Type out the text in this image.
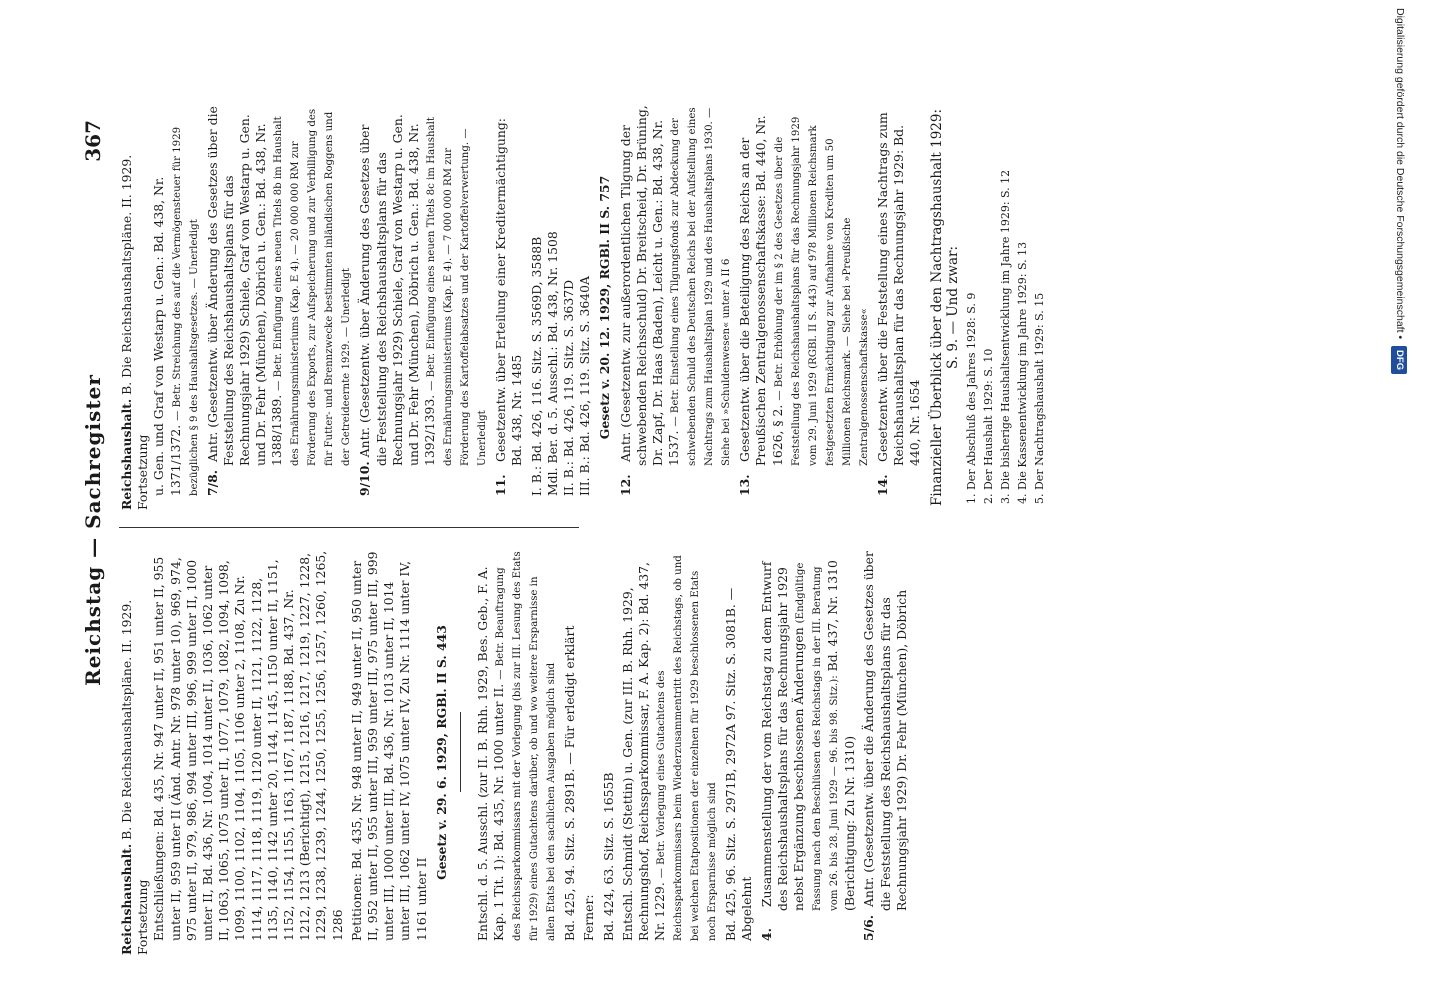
Reichstag — Sachregister
367
Reichshaushalt. B. Die Reichshaushaltspläne. II. 1929.
Fortsetzung Entschließungen: Bd. 435, Nr. 947 unter II, 951 unter II, 955 unter II, 959 unter II (Änd. Antr. Nr. 978 unter 10), 969, 974, 975 unter II, 979, 986, 994 unter III, 996, 999 unter II, 1000 unter II, Bd. 436, Nr. 1004, 1014 unter II, 1036, 1062 unter II, 1063, 1065, 1075 unter II, 1077, 1079, 1082, 1094, 1098, 1099, 1100, 1102, 1104, 1105, 1106 unter 2, 1108, Zu Nr. 1114, 1117, 1118, 1119, 1120 unter II, 1121, 1122, 1128, 1135, 1140, 1142 unter 20, 1144, 1145, 1150 unter II, 1151, 1152, 1154, 1155, 1163, 1167, 1187, 1188, Bd. 437, Nr. 1212, 1213 (Berichtigt), 1215, 1216, 1217, 1219, 1227, 1228, 1229, 1238, 1239, 1244, 1250, 1255, 1256, 1257, 1260, 1265, 1286 Petitionen: Bd. 435, Nr. 948 unter II, 949 unter II, 950 unter II, 952 unter II, 955 unter III, 959 unter III, 975 unter III, 999 unter III, 1000 unter III, Bd. 436, Nr. 1013 unter II, 1014 unter III, 1062 unter IV, 1075 unter IV, Zu Nr. 1114 unter IV, 1161 unter II
Gesetz v. 29. 6. 1929, RGBl. II S. 443 Entschl. d. 5. Ausschl. (zur II. B. Rhh. 1929, Bes. Geb., F. A. Kap. 1 Tit. 1): Bd. 435, Nr. 1000 unter II. — Betr. Beauftragung des Reichssparkommissars mit der Vorlegung (bis zur III. Lesung des Etats für 1929) eines Gutachtens darüber, ob und wo weitere Ersparnisse in allen Etats bei den sachlichen Ausgaben möglich sind Bd. 425, 94. Sitz. S. 2891B. — Für erledigt erklärt Ferner: Bd. 424, 63. Sitz. S. 1655B Entschl. Schmidt (Stettin) u. Gen. (zur III. B. Rhh. 1929, Rechnungshof, Reichssparkommissar, F. A. Kap. 2): Bd. 437, Nr. 1229. — Betr. Vorlegung eines Gutachtens des Reichssparkommissars beim Wiederzusammentritt des Reichstags, ob und bei welchen Etatpositionen der einzelnen für 1929 beschlossenen Etats noch Ersparnisse möglich sind Bd. 425, 96. Sitz. S. 2971B, 2972A 97. Sitz. S. 3081B. — Abgelehnt 4. Zusammenstellung der vom Reichstag zu dem Entwurf des Reichshaushaltsplans für das Rechnungsjahr 1929 nebst Ergänzung beschlossenen Änderungen (Endgültige Fassung nach den Beschlüssen des Reichstags in der III. Beratung vom 26. bis 28. Juni 1929 — 96. bis 98. Sitz.): Bd. 437, Nr. 1310 (Berichtigung: Zu Nr. 1310)
5/6. Antr. (Gesetzentw. über die Änderung des Gesetzes über die Feststellung des Reichshaushaltsplans für das Rechnungsjahr 1929) Dr. Fehr (München), Döbrich
Reichshaushalt. B. Die Reichshaushaltspläne. II. 1929.
Fortsetzung u. Gen. und Graf von Westarp u. Gen.: Bd. 438, Nr. 1371/1372. — Betr. Streichung des auf die Vermögensteuer für 1929 bezüglichen § 9 des Haushaltsgesetzes. — Unerledigt 7/8. Antr. (Gesetzentw. über Änderung des Gesetzes über die Feststellung des Reichshaushaltsplans für das Rechnungsjahr 1929) Schiele, Graf von Westarp u. Gen. und Dr. Fehr (München), Döbrich u. Gen.: Bd. 438, Nr. 1388/1389. — Betr. Einfügung eines neuen Titels 8b im Haushalt des Ernährungsministeriums (Kap. E 4). — 20 000 000 RM zur Förderung des Exports, zur Aufspeicherung und zur Verbilligung des für Futter- und Brennzwecke bestimmten inländischen Roggens und der Getreideernte 1929. — Unerledigt
9/10. Antr. (Gesetzentw. über Änderung des Gesetzes über die Feststellung des Reichshaushaltsplans für das Rechnungsjahr 1929) Schiele, Graf von Westarp u. Gen. und Dr. Fehr (München), Döbrich u. Gen.: Bd. 438, Nr. 1392/1393. — Betr. Einfügung eines neuen Titels 8c im Haushalt des Ernährungsministeriums (Kap. E 4). — 7 000 000 RM zur Förderung des Kartoffelabsatzes und der Kartoffelverwertung. — Unerledigt
11. Gesetzentw. über Erteilung einer Kreditermächtigung: Bd. 438, Nr. 1485 I. B.: Bd. 426, 116. Sitz. S. 3569D, 3588B Mdl. Ber. d. 5. Ausschl.: Bd. 438, Nr. 1508 II. B.: Bd. 426, 119. Sitz. S. 3637D III. B.: Bd. 426, 119. Sitz. S. 3640A Gesetz v. 20. 12. 1929, RGBl. II S. 757
12. Antr. (Gesetzentw. zur außerordentlichen Tilgung der schwebenden Reichsschuld) Dr. Breitscheid, Dr. Brüning, Dr. Zapf, Dr. Haas (Baden), Leicht u. Gen.: Bd. 438, Nr. 1537. — Betr. Einstellung eines Tilgungsfonds zur Abdeckung der schwebenden Schuld des Deutschen Reichs bei der Aufstellung eines Nachtrags zum Haushaltsplan 1929 und des Haushaltsplans 1930. — Siehe bei »Schuldenwesen« unter A II 6
13. Gesetzentw. über die Beteiligung des Reichs an der Preußischen Zentralgenossenschaftskasse: Bd. 440, Nr. 1626, § 2. — Betr. Erhöhung der im § 2 des Gesetzes über die Feststellung des Reichshaushaltsplans für das Rechnungsjahr 1929 vom 29. Juni 1929 (RGBl. II S. 443) auf 978 Millionen Reichsmark festgesetzten Ermächtigung zur Aufnahme von Krediten um 50 Millionen Reichsmark. — Siehe bei »Preußische Zentralgenossenschaftskasse«
14. Gesetzentw. über die Feststellung eines Nachtrags zum Reichshaushaltsplan für das Rechnungsjahr 1929: Bd. 440, Nr. 1654 Finanzieller Überblick über den Nachtragshaushalt 1929: S. 9. — Und zwar: 1. Der Abschluß des Jahres 1928: S. 9 2. Der Haushalt 1929: S. 10 3. Die bisherige Haushaltsentwicklung im Jahre 1929: S. 12 4. Die Kassenentwicklung im Jahre 1929: S. 13 5. Der Nachtragshaushalt 1929: S. 15
Digitalisierung gefördert durch die Deutsche Forschungsgemeinschaft • DFG
